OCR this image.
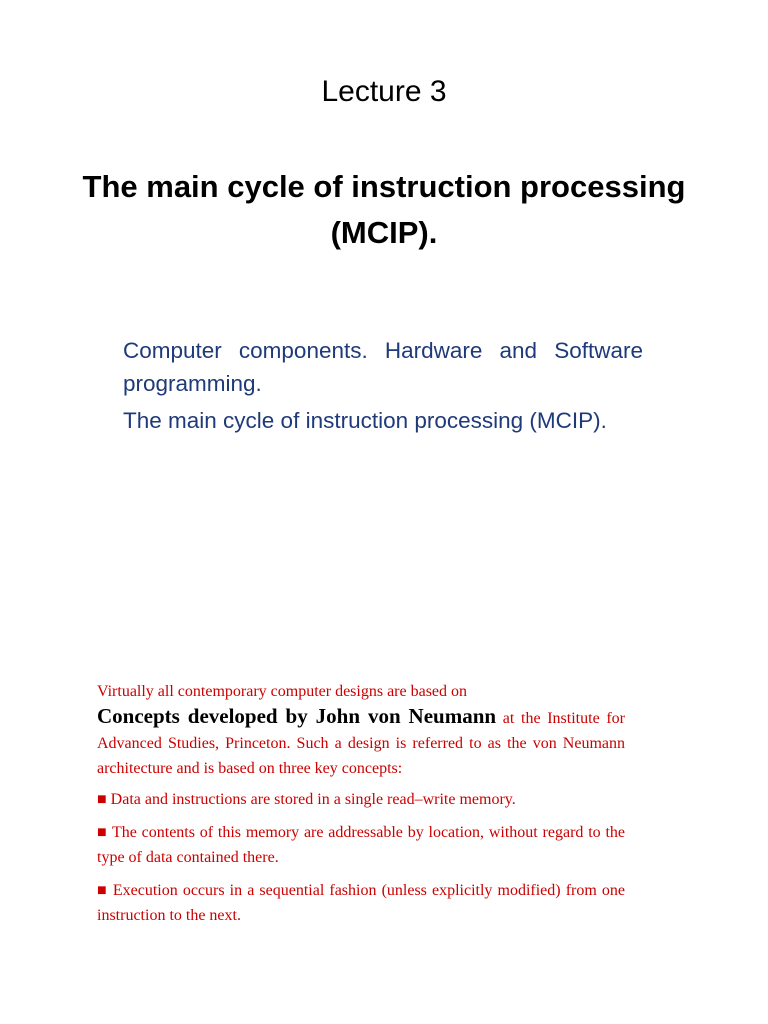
Lecture 3
The main cycle of instruction processing
(MCIP).

Computer components. Hardware and Software programming.

The main cycle of instruction processing (MCIP).

Virtually all contemporary computer designs are based on
Concepts developed by John von Neumann at the Institute for Advanced Studies, Princeton. Such a design is referred to as the von Neumann architecture and is based on three key concepts:

■ Data and instructions are stored in a single read–write memory.

■ The contents of this memory are addressable by location, without regard to the type of data contained there.

■ Execution occurs in a sequential fashion (unless explicitly modified) from one instruction to the next.
